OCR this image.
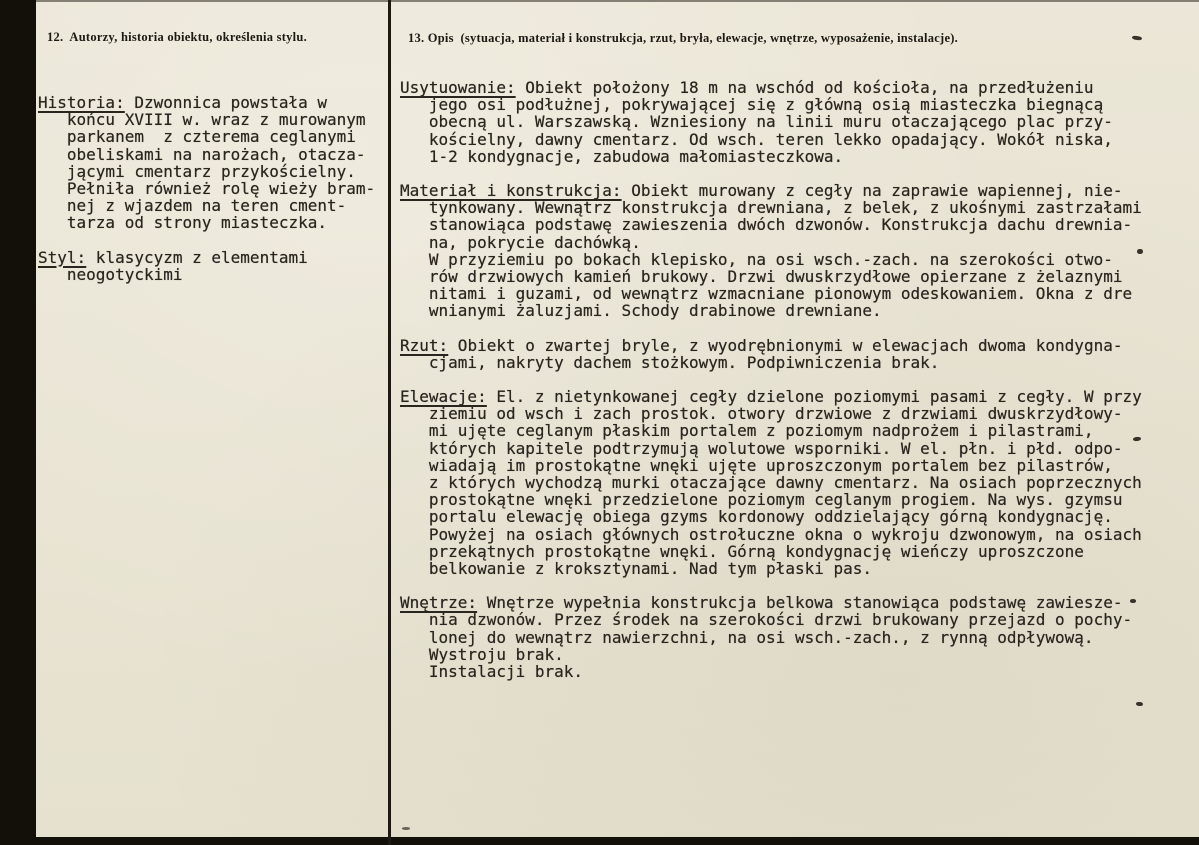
12.  Autorzy, historia obiektu, określenia stylu.	13. Opis  (sytuacja, materiał i konstrukcja, rzut, bryła, elewacje, wnętrze, wyposażenie, instalacje).
Historia: Dzwonnica powstała w
końcu XVIII w. wraz z murowanym
parkanem  z czterema ceglanymi
obeliskami na narożach, otacza-
jącymi cmentarz przykościelny.
Pełniła również rolę wieży bram-
nej z wjazdem na teren cment-
tarza od strony miasteczka.
Styl: klasycyzm z elementami
neogotyckimi
Usytuowanie: Obiekt położony 18 m na wschód od kościoła, na przedłużeniu
jego osi podłużnej, pokrywającej się z główną osią miasteczka biegnącą
obecną ul. Warszawską. Wzniesiony na linii muru otaczającego plac przy-
kościelny, dawny cmentarz. Od wsch. teren lekko opadający. Wokół niska,
1-2 kondygnacje, zabudowa małomiasteczkowa.
Materiał i konstrukcja: Obiekt murowany z cegły na zaprawie wapiennej, nie-
tynkowany. Wewnątrz konstrukcja drewniana, z belek, z ukośnymi zastrzałami
stanowiąca podstawę zawieszenia dwóch dzwonów. Konstrukcja dachu drewnia-
na, pokrycie dachówką.
W przyziemiu po bokach klepisko, na osi wsch.-zach. na szerokości otwo-
rów drzwiowych kamień brukowy. Drzwi dwuskrzydłowe opierzane z żelaznymi
nitami i guzami, od wewnątrz wzmacniane pionowym odeskowaniem. Okna z dre
wnianymi żaluzjami. Schody drabinowe drewniane.
Rzut: Obiekt o zwartej bryle, z wyodrębnionymi w elewacjach dwoma kondygna-
cjami, nakryty dachem stożkowym. Podpiwniczenia brak.
Elewacje: El. z nietynkowanej cegły dzielone poziomymi pasami z cegły. W przy
ziemiu od wsch i zach prostok. otwory drzwiowe z drzwiami dwuskrzydłowy-
mi ujęte ceglanym płaskim portalem z poziomym nadprożem i pilastrami,
których kapitele podtrzymują wolutowe wsporniki. W el. płn. i płd. odpo-
wiadają im prostokątne wnęki ujęte uproszczonym portalem bez pilastrów,
z których wychodzą murki otaczające dawny cmentarz. Na osiach poprzecznych
prostokątne wnęki przedzielone poziomym ceglanym progiem. Na wys. gzymsu
portalu elewację obiega gzyms kordonowy oddzielający górną kondygnację.
Powyżej na osiach głównych ostrołuczne okna o wykroju dzwonowym, na osiach
przekątnych prostokątne wnęki. Górną kondygnację wieńczy uproszczone
belkowanie z kroksztynami. Nad tym płaski pas.
Wnętrze: Wnętrze wypełnia konstrukcja belkowa stanowiąca podstawę zawiesze-
nia dzwonów. Przez środek na szerokości drzwi brukowany przejazd o pochy-
lonej do wewnątrz nawierzchni, na osi wsch.-zach., z rynną odpływową.
Wystroju brak.
Instalacji brak.
